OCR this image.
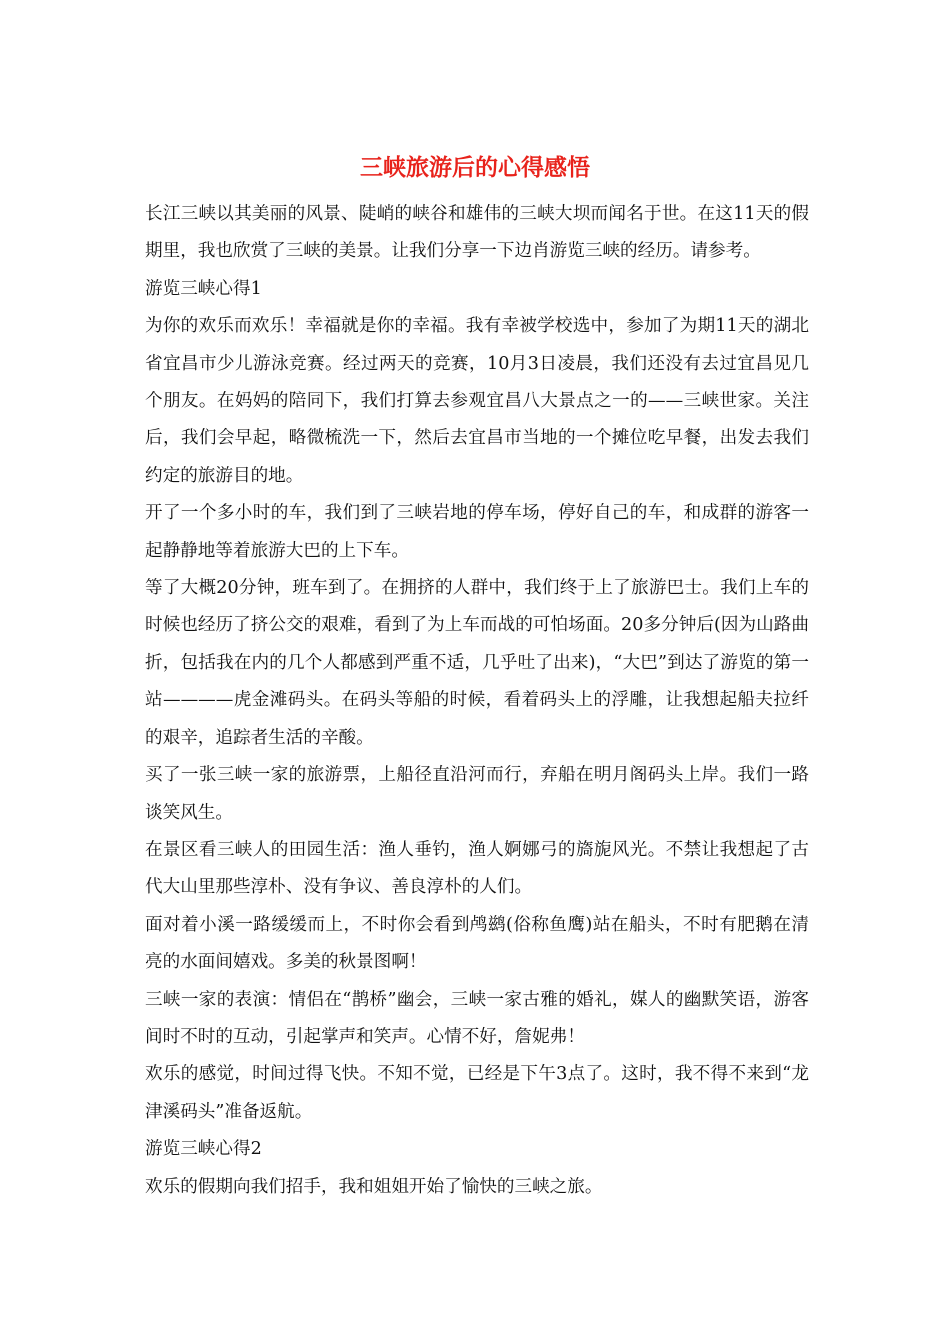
三峡旅游后的心得感悟

长江三峡以其美丽的风景、陡峭的峡谷和雄伟的三峡大坝而闻名于世。在这11天的假期里，我也欣赏了三峡的美景。让我们分享一下边肖游览三峡的经历。请参考。

游览三峡心得1

为你的欢乐而欢乐！幸福就是你的幸福。我有幸被学校选中，参加了为期11天的湖北省宜昌市少儿游泳竞赛。经过两天的竞赛，10月3日凌晨，我们还没有去过宜昌见几个朋友。在妈妈的陪同下，我们打算去参观宜昌八大景点之一的——三峡世家。关注后，我们会早起，略微梳洗一下，然后去宜昌市当地的一个摊位吃早餐，出发去我们约定的旅游目的地。

开了一个多小时的车，我们到了三峡岩地的停车场，停好自己的车，和成群的游客一起静静地等着旅游大巴的上下车。

等了大概20分钟，班车到了。在拥挤的人群中，我们终于上了旅游巴士。我们上车的时候也经历了挤公交的艰难，看到了为上车而战的可怕场面。20多分钟后(因为山路曲折，包括我在内的几个人都感到严重不适，几乎吐了出来)，“大巴”到达了游览的第一站————虎金滩码头。在码头等船的时候，看着码头上的浮雕，让我想起船夫拉纤的艰辛，追踪者生活的辛酸。

买了一张三峡一家的旅游票，上船径直沿河而行，弃船在明月阁码头上岸。我们一路谈笑风生。

在景区看三峡人的田园生活：渔人垂钓，渔人婀娜弓的旖旎风光。不禁让我想起了古代大山里那些淳朴、没有争议、善良淳朴的人们。

面对着小溪一路缓缓而上，不时你会看到鸬鹚(俗称鱼鹰)站在船头，不时有肥鹅在清亮的水面间嬉戏。多美的秋景图啊！

三峡一家的表演：情侣在“鹊桥”幽会，三峡一家古雅的婚礼，媒人的幽默笑语，游客间时不时的互动，引起掌声和笑声。心情不好，詹妮弗！

欢乐的感觉，时间过得飞快。不知不觉，已经是下午3点了。这时，我不得不来到“龙津溪码头”准备返航。

游览三峡心得2

欢乐的假期向我们招手，我和姐姐开始了愉快的三峡之旅。
